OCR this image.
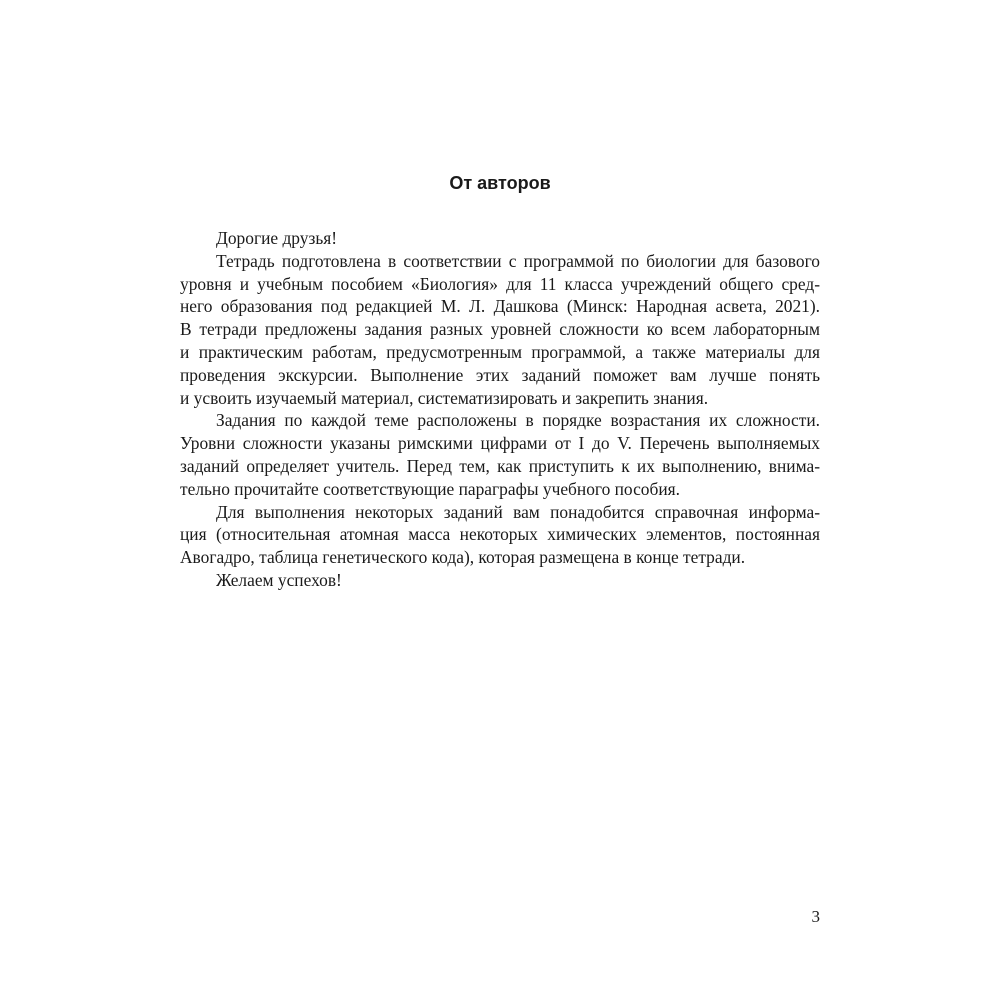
От авторов
Дорогие друзья!
Тетрадь подготовлена в соответствии с программой по биологии для базового
уровня и учебным пособием «Биология» для 11 класса учреждений общего сред-
него образования под редакцией М. Л. Дашкова (Минск: Народная асвета, 2021).
В тетради предложены задания разных уровней сложности ко всем лабораторным
и практическим работам, предусмотренным программой, а также материалы для
проведения экскурсии. Выполнение этих заданий поможет вам лучше понять
и усвоить изучаемый материал, систематизировать и закрепить знания.
Задания по каждой теме расположены в порядке возрастания их сложности.
Уровни сложности указаны римскими цифрами от I до V. Перечень выполняемых
заданий определяет учитель. Перед тем, как приступить к их выполнению, внима-
тельно прочитайте соответствующие параграфы учебного пособия.
Для выполнения некоторых заданий вам понадобится справочная информа-
ция (относительная атомная масса некоторых химических элементов, постоянная
Авогадро, таблица генетического кода), которая размещена в конце тетради.
Желаем успехов!
3
